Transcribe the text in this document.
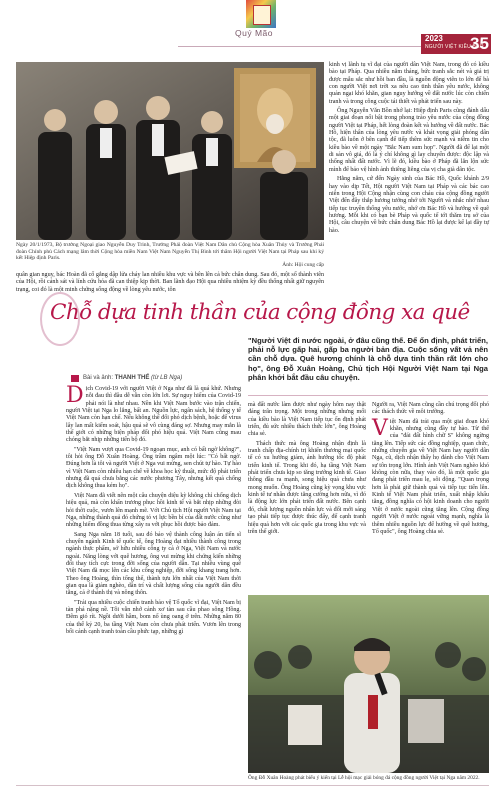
Quý Mão
2023
NGƯỜI VIỆT KIỀU BÁO
35
Ngày 20/1/1973, Bộ trưởng Ngoại giao Nguyễn Duy Trinh, Trưởng Phái đoàn Việt Nam Dân chủ Cộng hòa Xuân Thủy và Trưởng Phái đoàn Chính phủ Cách mạng lâm thời Cộng hòa miền Nam Việt Nam Nguyễn Thị Bình tới thăm Hội người Việt Nam tại Pháp sau khi ký kết Hiệp định Paris.
Ảnh: Hội cung cấp

kinh vị lãnh tụ vĩ đại của người dân Việt Nam, trong đó có kiều bào tại Pháp. Qua nhiều năm tháng, bức tranh sắc nét và giá trị được mẫu sắc như hồi ban đầu, là nguồn động viên to lớn để bà con người Việt nơi trời xa nêu cao tinh thần yêu nước, không quản ngại khó khăn, gian nguy hướng về đất nước lúc còn chiến tranh và trong công cuộc tái thiết và phát triển sau này.

Ông Nguyễn Văn Bồn nhớ lại: Hiệp định Paris cũng đánh dấu một giai đoạn nổi bật trong phong trào yêu nước của cộng đồng người Việt tại Pháp, hết lòng đoàn kết và hướng về đất nước. Bác Hồ, hiện thân của lòng yêu nước và khát vọng giải phóng dân tộc, đã luôn ở bên cạnh để tiếp thêm sức mạnh và niềm tin cho kiều bào về một ngày "Bắc Nam sum họp". Người đã để lại một di sản vô giá, đó là ý chí không gì lay chuyển được: độc lập và thống nhất đất nước. Vì lẽ đó, kiều bào ở Pháp đã lăn lộn sức mình để bảo vệ hình ảnh thiêng liêng của vị cha già dân tộc.

Hằng năm, cứ đến Ngày sinh của Bác Hồ, Quốc khánh 2/9 hay vào dịp Tết, Hội người Việt Nam tại Pháp và các bác cao niên trong Hội Cộng nhận cùng con cháu của cộng đồng người Việt đến đây thắp hương tưởng nhớ tới Người và nhắc nhở nhau tiếp tục truyền thống yêu nước, nhớ ơn Bác Hồ và hướng về quê hương. Mỗi khi có bạn bè Pháp và quốc tế tới thăm trụ sở của Hội, câu chuyện về bức chân dung Bác Hồ lại được kể lại đầy tự hào.

quân gian nguy, bác Hoàn đã cố gắng dập lửa cháy lan nhiều khu vực và bên lên cả bức chân dung. Sau đó, một số thành viên của Hội, rồi cảnh sát và lính cứu hỏa đã can thiệp kịp thời. Ban lãnh đạo Hội qua nhiều nhiệm kỳ đều thống nhất giữ nguyên trạng, coi đó là một minh chứng sống động về lòng yêu nước, tôn
Chỗ dựa tinh thần của cộng đồng xa quê
Bài và ảnh: THANH THẾ (từ LB Nga)
"Người Việt đi nước ngoài, ở đâu cũng thế. Để ổn định, phát triển, phải nỗ lực gấp hai, gấp ba người bản địa. Cuộc sống vất vả nên cần chỗ dựa. Quê hương chính là chỗ dựa tinh thần rất lớn cho họ", ông Đỗ Xuân Hoàng, Chủ tịch Hội Người Việt Nam tại Nga phân khởi bắt đầu câu chuyện.

Dịch Covid-19 với người Việt ở Nga như đã là quá khứ. Nhưng nỗi đau thì đâu dễ vẫn còn lớn lơi. Sự nguy hiểm của Covid-19 phải nói là như nhau. Nền khi Việt Nam bước vào trận chiến, người Việt tại Nga lo lắng, bất an. Nguồn lực, ngân sách, hệ thống y tế Việt Nam còn hạn chế. Nếu không thể đối phó dịch bệnh, hoặc để virus lây lan mất kiểm soát, hậu quả sẽ vô cùng đáng sợ. Nhưng may mắn là thế giới có những biện pháp đối phó hiệu quả. Việt Nam cũng mau chóng bắt nhịp những tiến bộ đó.

"Việt Nam vượt qua Covid-19 ngoạn mục, anh có bất ngờ không?", tôi hỏi ông Đỗ Xuân Hoàng. Ông trầm ngâm một lúc: "Có bất ngờ. Đúng hơn là tôi và người Việt ở Nga vui mừng, sen chút tự hào. Tự hào vì Việt Nam còn nhiều hạn chế về khoa học kỹ thuật, mức độ phát triển nhưng đã quá chưa bằng các nước phương Tây, nhưng kết quả chống dịch không thua kém họ".

Việt Nam đã viết nên một câu chuyện diệu kỳ không chỉ chống dịch hiệu quả, mà còn khẩn trương phục hồi kinh tế và bắt nhịp những đòi hỏi thời cuộc, vươn lên mạnh mẽ. Với Chủ tịch Hội người Việt Nam tại Nga, những thành quả đó chứng tỏ vị lực bền bỉ của đất nước cũng như những hiểm đồng thua từng xây ra với phục hồi được bảo đảm.

Sang Nga năm 18 tuổi, sau đó bảo vệ thành công luận án tiến sĩ chuyên ngành Kinh tế quốc tế, ông Hoàng đạt nhiều thành công trong ngành thực phẩm, sở hữu nhiều công ty cả ở Nga, Việt Nam và nước ngoài. Năng lòng với quê hương, ông vui mừng khi chứng kiến những đổi thay tích cực trong đời sống của người dân. Tại nhiều vùng quê Việt Nam đã mọc lên các khu công nghiệp, đời sống khang trang hơn. Theo ông Hoàng, thìn tổng thể, thành tựu lớn nhất của Việt Nam thời gian qua là giảm nghèo, dân trí và chất lượng sống của người dân đều tăng, cả ở thành thị và nông thôn.

"Trải qua nhiều cuộc chiến tranh bảo vệ Tổ quốc vĩ đại, Việt Nam bị tàn phá nặng nề. Tôi vẫn nhớ cảnh xơ tàn sau cầu phao sông Hồng. Đêm gió rít. Ngồi dưới hầm, bom nổ ùng oang ở trên. Những năm 80 của thế kỷ 20, ba tầng Việt Nam còn chưa phát triển. Vươn lên trong bối cảnh cạnh tranh toàn cầu phức tạp, những gì

mà đất nước làm được như ngày hôm nay thật đáng trân trọng. Một trong những nhưng mối của kiều bào là Việt Nam tiếp tục ổn định phát triển, đủ sức nhiều thách thức lớn", ông Hoàng chia sẻ.

Thách thức mà ông Hoàng nhận định là tranh chấp địa-chính trị khiến thương mại quốc tế có xu hướng giảm, ảnh hưởng tốc độ phát triển kinh tế. Trong khi đó, hạ tầng Việt Nam phát triển chưa kịp so tăng trưởng kinh tế. Giao thông đầu ra mạnh, song hiệu quả chưa như mong muốn. Ông Hoàng cũng kỳ vọng khu vực kinh tế tư nhân được tăng cường hơn nữa, vì đó là động lực lớn phát triển đất nước. Bên cạnh đó, chất lượng nguồn nhân lực và đối mới sáng tạo phải tiếp tục được thúc đẩy, để cạnh tranh hiệu quả hơn với các quốc gia trong khu vực và trên thế giới.

Người ra, Việt Nam cũng cần chú trọng đối phó các thách thức về môi trường.

Việt Nam đã trải qua một giai đoạn khó khăn, nhưng cũng đầy tự hào. Từ thế của "đái đất hình chữ S" không ngừng tăng lên. Tiếp sức các đồng nghiệp, quan chức, những chuyên gia về Việt Nam hay người dân Nga, cũ, dịch nhận thấy họ đánh cho Việt Nam sự tôn trọng lớn. Hình ảnh Việt Nam nghèo khó không còn nữa, thay vào đó, là một quốc gia đang phát triển mau lẹ, sôi động. "Quan trọng hơn là phải giữ thành quả và tiếp tục tiến lên. Kinh tế Việt Nam phát triển, xuất nhập khẩu tăng, đồng nghĩa có hội kinh doanh cho người Việt ở nước ngoài cũng tăng lên. Cộng đồng người Việt ở nước ngoài vững mạnh, nghĩa là thêm nhiều nguồn lực để hướng về quê hương, Tổ quốc", ông Hoàng chia sẻ.

Ông Đỗ Xuân Hoàng phát biểu ý kiến tại Lễ hội mạc giải bóng đá cộng đồng người Việt tại Nga năm 2022.
